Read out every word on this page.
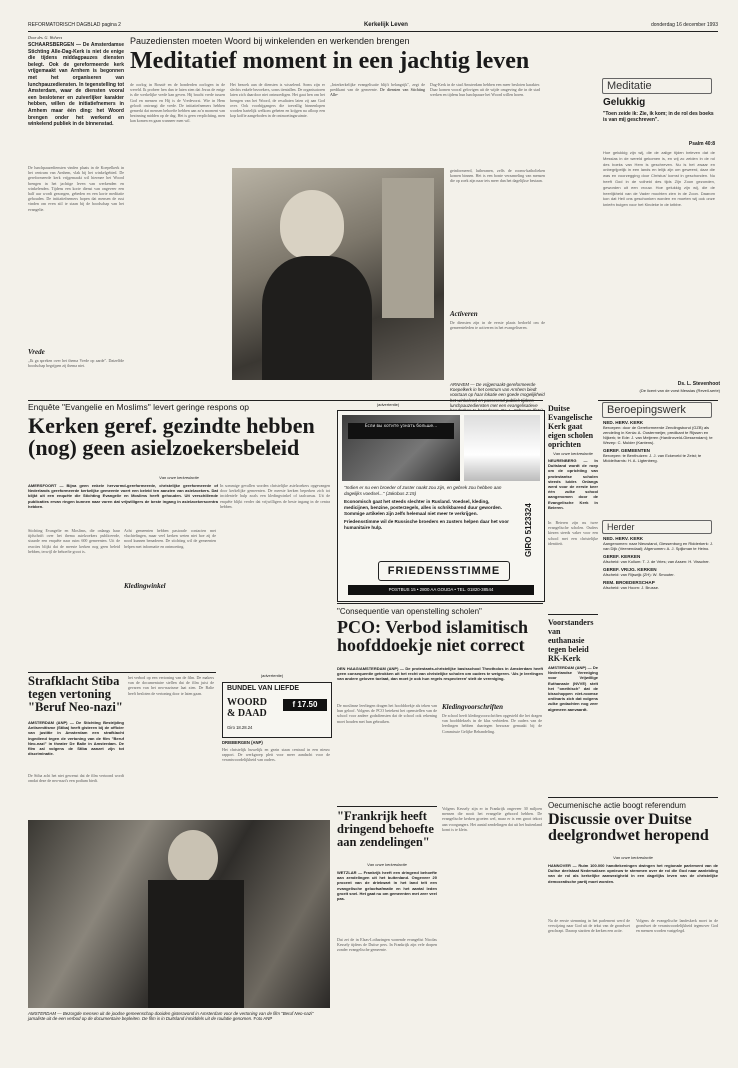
REFORMATORISCH DAGBLAD pagina 2	Kerkelijk Leven	donderdag 16 december 1993
Door drs. G. Wolvers
SCHAARSBERGEN — De Amsterdamse Stichting Alle-Dag-Kerk is niet de enige die tijdens middagpauzes diensten belegt. Ook de gereformeerde kerk vrijgemaakt van Arnhem is begonnen met het organiseren van lunchpauzediensten. In tegenstelling tot Amsterdam, waar de diensten vooral een beslotener en zuiverlijker karakter hebben, willen de initiatiefnemers in Arnhem maar één ding: het Woord brengen onder het werkend en winkelend publiek in de binnenstad.
De lunchpauzediensten vinden plaats in de Koepelkerk in het centrum van Arnhem, vlak bij het winkelgebied. De gereformeerde kerk vrijgemaakt wil hiermee het Woord brengen in het jachtige leven van werkenden en winkelenden. Tijdens een korte dienst van ongeveer een half uur wordt gezongen, gebeden en een korte meditatie gehouden. De initiatiefnemers hopen dat mensen de rust vinden om even stil te staan bij de boodschap van het evangelie.
Vrede
,,Ik ga spreken over het thema Vrede op aarde". Datzelfde boodschap begrijpen zij thema niet.
Pauzediensten moeten Woord bij winkelenden en werkenden brengen
Meditatief moment in een jachtig leven
de oorlog in Bosnië en de honderden oorlogen in de wereld. Ik probeer hen dan te laten zien dat Jezus de enige is die werkelijke vrede kan geven. Hij bracht vrede tussen God en mensen en Hij is de Vredevorst. Wie in Hem gelooft ontvangt die vrede. De initiatiefnemers hebben gemerkt dat mensen behoefte hebben aan zo'n moment van bezinning midden op de dag. Het is geen verplichting, men kan komen en gaan wanneer men wil.
Het bezoek aan de diensten is wisselend. Soms zijn er slechts enkele bezoekers, soms tientallen. De organisatoren laten zich daardoor niet ontmoedigen. Het gaat hen om het brengen van het Woord, de resultaten laten zij aan God over. Ook voorbijgangers die toevallig binnenlopen worden hartelijk welkom geheten en krijgen na afloop een kop koffie aangeboden in de ontmoetingsruimte.
,,Interkerkelijke evangelisatie blijft belangrijk", zegt de predikant van de gemeente. De diensten van Stichting Alle-
Dag-Kerk in de stad Amsterdam hebben een meer besloten karakter. Daar komen vooral gelovigen uit de wijde omgeving die in de stad werken en tijdens hun lunchpauze het Woord willen horen.
geinformeerd, lutheranen, zelfs de rooms-katholieken komen binnen. Het is een bonte verzameling van mensen die op zoek zijn naar iets meer dan het dagelijkse bestaan.
Activeren
De diensten zijn in de eerste plaats bedoeld om de gemeenteleden te activeren in het evangeliseren.
ARNHEM — De vrijgemaakt-gereformeerde Koepelkerk in het centrum van Arnhem biedt voortaan op haar lokatie een goede mogelijkheid lunchpauzediensten met een evangelisatieve
Meditatie
Gelukkig
"Toen zeide ik: Zie, ik kom; in de rol des boeks is van mij geschreven".
Psalm 40:8
Hoe gelukkig zijn wij, die de zalige tijden beleven dat de Messias in de wereld gekomen is, en wij zo zeiden in de rol des boeks van Hem is geschreven. Nu is het zwaar en onbegrijpelijk in een lands en lelijk zijn om geweerd, daar die was en voorzegging door Christus' komst in geschonden. Nu heeft God in de volheid des tijds Zijn Zoon gezonden, geworden uit een vrouw. Hoe gelukkig zijn wij, die de heerlijkheid van de Vader mochten zien in de Zoon. Daarom kon dat Heil ons geschonken worden en moeten wij ook onze knieën buigen voor het Kindeke in de kribbe.
Ds. L. Stevenhoot
(De licent van de vorst Messias (Reveil-serie)
Enquête "Evangelie en Moslims" levert geringe respons op
Kerken geref. gezindte hebben (nog) geen asielzoekersbeleid
Van onze kerkredactie
AMERSFOORT — Bijna geen enkele hervormd-gereformeerde, christelijke gereformeerde of Nederlands gereformeerde kerkelijke gemeente voert een beleid ten aanzien van asielzoekers. Dat blijkt uit een enquête die Stichting Evangelie en Moslims heeft gehouden. Uit verschillende publicaties ervan ringen kunnen naar voren dat vrijwilligers de beste ingang in asielzoekerscentra hebben.
Stichting Evangelie en Moslims, die onlangs haar tijdschrift over het thema asielzoekers publiceerde, stuurde een enquête naar ruim 600 gemeenten. Uit de reacties blijkt dat de meeste kerken nog geen beleid hebben, terwijl de behoefte groot is.
Acht gemeenten hebben pastorale contacten met vluchtelingen, maar veel kerken weten niet hoe zij de nood kunnen benaderen. De stichting wil de gemeenten helpen met informatie en ontmoeting.
Kledingwinkel
In sommige gevallen worden christelijke asielzoekers opgevangen door kerkelijke gemeenten. De meeste kerken beperken zich tot incidentele hulp zoals een kledingwinkel of taalcursus. Uit de enquête blijkt verder dat vrijwilligers de beste ingang in de centra hebben.
(advertentie)
Если вы хотите узнать больше...
"Indien er nu een broeder of zuster naakt zou zijn, en gebrek zou hebben aan dagelijks voedsel..." (Jakobus 2:15)
Economisch gaat het steeds slechter in Rusland. Voedsel, kleding, medicijnen, benzine, posterzegels, alles is schrikbarend duur geworden. Sommige artikelen zijn zelfs helemaal niet meer te verkrijgen.
Friedensstimme wil de Russische broeders en zusters helpen daar het voor humanitaire hulp.	GIRO 5123324
FRIEDENSSTIMME
POSTBUS 15 • 2800 AA GOUDA • TEL. 01820-38544
Beroepingswerk
NED. HERV. KERK
Beroepen: door de Gereformeerde Zendingsbond (GZB) als zendeling in Kenia: A. Oostermeijer, predikant te Rijssen en Nijkerk; te Ede: J. van Meijeren (Hardinxveld-Giessendam); te Wezep: C. Mulder (Kantens).
GEREF. GEMEENTEN
Beroepen: te Benthuizen: J. J. van Eckeveld te Zeist; te Middelharnis: H. A. Ligtenberg.
Herder
NED. HERV. KERK
Aangenomen: naar Nieuwland, Giessenburg en Ridderkerk: J. van Dijk (Veenendaal); Afgenomen: A. J. Spijkman te Heino.
GEREF. KERKEN
Afscheid: van Kollum: T. J. de Vries; van Assen: H. Visscher.
GEREF. VRIJG. KERKEN
Afscheid: van Rijswijk (ZH): W. Smouter.
REM. BROEDERSCHAP
Afscheid: van Hoorn: J. Brusse.
Strafklacht Stiba tegen vertoning "Beruf Neo-nazi"
AMSTERDAM (ANP) — De Stichting Bestrijding Antisemitisme (Stiba) heeft gisteren bij de officier van justitie in Amsterdam een strafklacht ingediend tegen de vertoning van de film "Beruf Neo-nazi" in theater De Balie in Amsterdam. De film zal volgens de Stiba aanzet zijn tot discriminatie.
De Stiba acht het niet gewenst dat de film vertoond wordt omdat deze de neo-nazi's een podium biedt.
het verbod op een vertoning van de film. De makers van de documentaire stellen dat de film juist de gevaren van het neo-nazisme laat zien. De Balie heeft besloten de vertoning door te laten gaan.
(advertentie)
BUNDEL VAN LIEFDE
WOORD & DAAD
f 17.50
Giro 18.28.24
DRIEBERGEN (ANP)
Het christelijk huwelijk en gezin staan centraal in een nieuw rapport. De werkgroep pleit voor meer aandacht voor de verantwoordelijkheid van ouders.
AMSTERDAM — Bezorgde mensen uit de joodse gemeenschap dooiden gisteravond in Amsterdam voor de vertoning van de film "Beruf Neo-nazi" jamaliste uit de een verbod op de documentaire bepleiten. De film is in Duitsland inmiddels uit de roulatie genomen. Foto ANP
"Consequentie van openstelling scholen"
PCO: Verbod islamitisch hoofddoekje niet correct
DEN HAAG/AMSTERDAM (ANP) — De protestants-christelijke basisschool Theotholos in Amsterdam heeft geen consequentie getrokken uit het recht van christelijke scholen om ouders te weigeren. ‘Als je leerlingen van andere geloven toelaat, dan moet je ook hun regels respecteren’ stelt de vereniging.
De moslimse leerlingen dragen het hoofddoekje als teken van hun geloof. Volgens de PCO betekent het openstellen van de school voor andere godsdiensten dat de school ook rekening moet houden met hun gebruiken.
Kledingvoorschriften
De school heeft kledingvoorschriften opgesteld die het dragen van hoofddeksels in de klas verbieden. De ouders van de leerlingen hebben daartegen bezwaar gemaakt bij de Commissie Gelijke Behandeling.
"Frankrijk heeft dringend behoefte aan zendelingen"
Van onze kerkredactie
WETZLAR — Frankrijk heeft een dringend behoefte aan zendelingen uit het buitenland. Ongeveer 20 procent van de driekwart in het land telt een evangelische geloofsafmatie en het aantal leden groeit snel. Het gaat nu om gemeenten met zeer veel pas.
Dat zei de in Elzas-Lotharingen wonende evangelist Nicolas Kessely tijdens de Duitse pers. In Frankrijk zijn vele dorpen zonder evangelische gemeente.
Volgens Kessely zijn er in Frankrijk ongeveer 30 miljoen mensen die nooit het evangelie gehoord hebben. De evangelische kerken groeien wel, maar er is een groot tekort aan voorgangers. Het aantal zendelingen dat uit het buitenland komt is te klein.
Oecumenische actie boogt referendum
Discussie over Duitse deelgrondwet heropend
Van onze kerkredactie
HANNOVER — Ruim 100.000 handtekeningen dwingen het regionale parlement van de Duitse deelstaat Nedersaksen opnieuw te stemmen over de rol die God naar aanleiding van de rol als kerkelijke aanwezigheid in een dagelijks leven van de christelijke democratische partij moet worden.
Na de eerste stemming in het parlement werd de verwijzing naar God uit de tekst van de grondwet geschrapt. Daarop startten de kerken een actie.
Volgens de evangelische landeskerk moet in de grondwet de verantwoordelijkheid tegenover God en mensen worden vastgelegd.
Duitse Evangelische Kerk gaat eigen scholen oprichten
Van onze kerkredactie
NEURENBERG — In Duitsland wordt de roep om de oprichting van protestantse scholen steeds luider. Onlangs werd voor de eerste keer één zulke school aangenomen door de Evangelische Kerk in Beieren.
In Beieren zijn nu twee evangelische scholen. Ouders kiezen steeds vaker voor een school met een christelijke identiteit.
Voorstanders van euthanasie tegen beleid RK-Kerk
AMSTERDAM (ANP) — De Nederlandse Vereniging voor Vrijwillige Euthanasie (NVVE) stelt het "onethisch" dat de bisschoppen niet-roomse ordinaris zich dat volgens zulke gedachten nog zeer algemeen aanvaardt.
